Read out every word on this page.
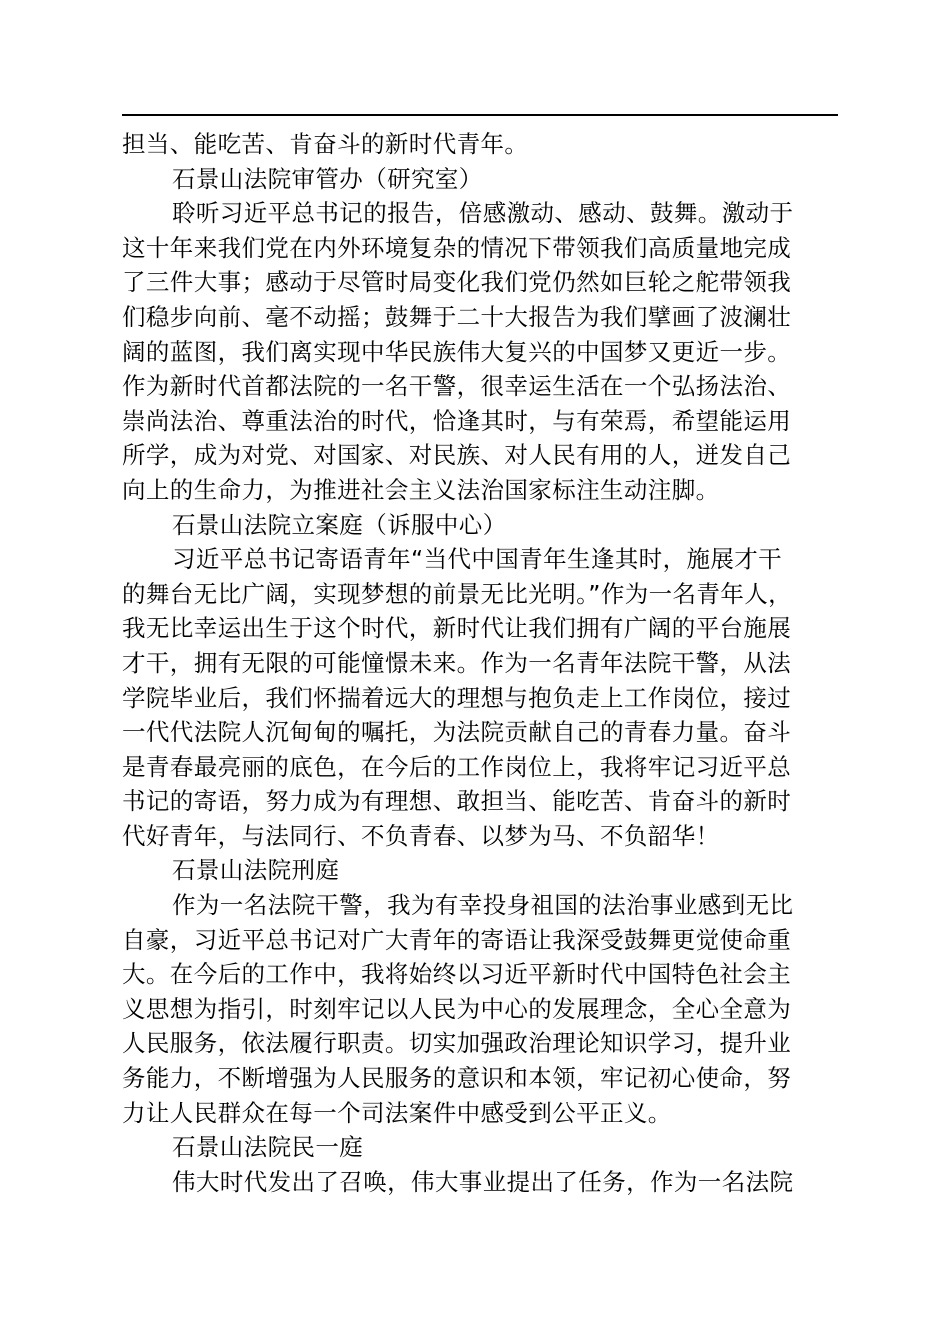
担当、能吃苦、肯奋斗的新时代青年。
石景山法院审管办（研究室）
聆听习近平总书记的报告，倍感激动、感动、鼓舞。激动于
这十年来我们党在内外环境复杂的情况下带领我们高质量地完成
了三件大事；感动于尽管时局变化我们党仍然如巨轮之舵带领我
们稳步向前、毫不动摇；鼓舞于二十大报告为我们擘画了波澜壮
阔的蓝图，我们离实现中华民族伟大复兴的中国梦又更近一步。
作为新时代首都法院的一名干警，很幸运生活在一个弘扬法治、
崇尚法治、尊重法治的时代，恰逢其时，与有荣焉，希望能运用
所学，成为对党、对国家、对民族、对人民有用的人，迸发自己
向上的生命力，为推进社会主义法治国家标注生动注脚。
石景山法院立案庭（诉服中心）
习近平总书记寄语青年“当代中国青年生逢其时，施展才干
的舞台无比广阔，实现梦想的前景无比光明。”作为一名青年人，
我无比幸运出生于这个时代，新时代让我们拥有广阔的平台施展
才干，拥有无限的可能憧憬未来。作为一名青年法院干警，从法
学院毕业后，我们怀揣着远大的理想与抱负走上工作岗位，接过
一代代法院人沉甸甸的嘱托，为法院贡献自己的青春力量。奋斗
是青春最亮丽的底色，在今后的工作岗位上，我将牢记习近平总
书记的寄语，努力成为有理想、敢担当、能吃苦、肯奋斗的新时
代好青年，与法同行、不负青春、以梦为马、不负韶华！
石景山法院刑庭
作为一名法院干警，我为有幸投身祖国的法治事业感到无比
自豪，习近平总书记对广大青年的寄语让我深受鼓舞更觉使命重
大。在今后的工作中，我将始终以习近平新时代中国特色社会主
义思想为指引，时刻牢记以人民为中心的发展理念，全心全意为
人民服务，依法履行职责。切实加强政治理论知识学习，提升业
务能力，不断增强为人民服务的意识和本领，牢记初心使命，努
力让人民群众在每一个司法案件中感受到公平正义。
石景山法院民一庭
伟大时代发出了召唤，伟大事业提出了任务，作为一名法院
